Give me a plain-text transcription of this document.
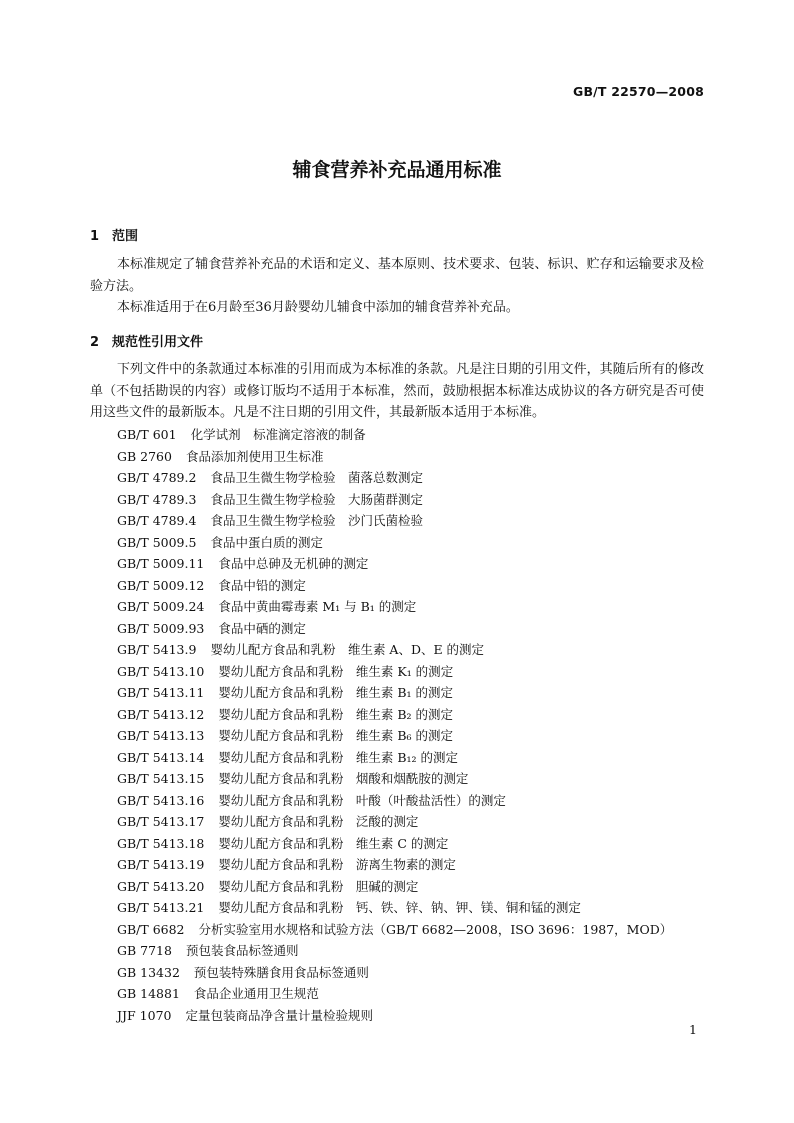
GB/T 22570—2008
辅食营养补充品通用标准
1 范围

本标准规定了辅食营养补充品的术语和定义、基本原则、技术要求、包装、标识、贮存和运输要求及检验方法。

本标准适用于在6月龄至36月龄婴幼儿辅食中添加的辅食营养补充品。

2 规范性引用文件

下列文件中的条款通过本标准的引用而成为本标准的条款。凡是注日期的引用文件，其随后所有的修改单（不包括勘误的内容）或修订版均不适用于本标准，然而，鼓励根据本标准达成协议的各方研究是否可使用这些文件的最新版本。凡是不注日期的引用文件，其最新版本适用于本标准。

GB/T 601 化学试剂　标准滴定溶液的制备
GB 2760 食品添加剂使用卫生标准
GB/T 4789.2 食品卫生微生物学检验　菌落总数测定
GB/T 4789.3 食品卫生微生物学检验　大肠菌群测定
GB/T 4789.4 食品卫生微生物学检验　沙门氏菌检验
GB/T 5009.5 食品中蛋白质的测定
GB/T 5009.11 食品中总砷及无机砷的测定
GB/T 5009.12 食品中铅的测定
GB/T 5009.24 食品中黄曲霉毒素 M₁ 与 B₁ 的测定
GB/T 5009.93 食品中硒的测定
GB/T 5413.9 婴幼儿配方食品和乳粉　维生素 A、D、E 的测定
GB/T 5413.10 婴幼儿配方食品和乳粉　维生素 K₁ 的测定
GB/T 5413.11 婴幼儿配方食品和乳粉　维生素 B₁ 的测定
GB/T 5413.12 婴幼儿配方食品和乳粉　维生素 B₂ 的测定
GB/T 5413.13 婴幼儿配方食品和乳粉　维生素 B₆ 的测定
GB/T 5413.14 婴幼儿配方食品和乳粉　维生素 B₁₂ 的测定
GB/T 5413.15 婴幼儿配方食品和乳粉　烟酸和烟酰胺的测定
GB/T 5413.16 婴幼儿配方食品和乳粉　叶酸（叶酸盐活性）的测定
GB/T 5413.17 婴幼儿配方食品和乳粉　泛酸的测定
GB/T 5413.18 婴幼儿配方食品和乳粉　维生素 C 的测定
GB/T 5413.19 婴幼儿配方食品和乳粉　游离生物素的测定
GB/T 5413.20 婴幼儿配方食品和乳粉　胆碱的测定
GB/T 5413.21 婴幼儿配方食品和乳粉　钙、铁、锌、钠、钾、镁、铜和锰的测定
GB/T 6682 分析实验室用水规格和试验方法（GB/T 6682—2008，ISO 3696：1987，MOD）
GB 7718 预包装食品标签通则
GB 13432 预包装特殊膳食用食品标签通则
GB 14881 食品企业通用卫生规范
JJF 1070 定量包装商品净含量计量检验规则
1
